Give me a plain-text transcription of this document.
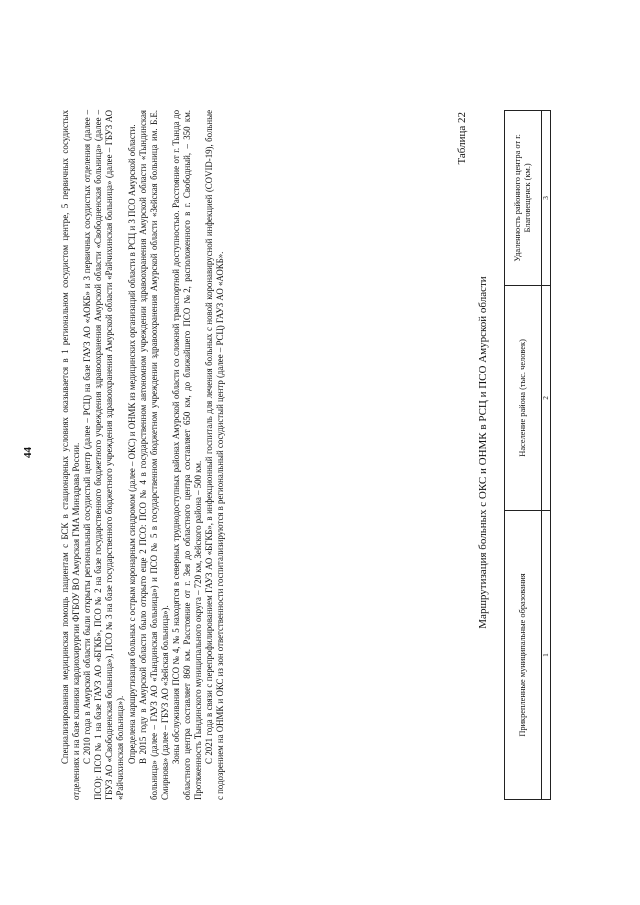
44	Специализированная медицинская помощь пациентам с БСК в стационарных условиях оказывается в 1 региональном сосудистом центре, 5 первичных сосудистых отделениях и на базе клиники кардиохирургии ФГБОУ ВО Амурская ГМА Минздрава России. С 2010 года в Амурской области были открыты региональный сосудистый центр (далее – РСЦ) на базе ГАУЗ АО «АОКБ» и 3 первичных сосудистых отделения (далее – ПСО): ПСО № 1 на базе ГАУЗ АО «БГКБ», ПСО № 2 на базе государственного бюджетного учреждения здравоохранения Амурской области «Свободненская больница» (далее – ГБУЗ АО «Свободненская больница»), ПСО № 3 на базе государственного бюджетного учреждения здравоохранения Амурской области «Райчихинская больница» (далее – ГБУЗ АО «Райчихинская больница»). Определена маршрутизация больных с острым коронарным синдромом (далее – ОКС) и ОНМК из медицинских организаций области в РСЦ и 3 ПСО Амурской области. В 2015 году в Амурской области было открыто еще 2 ПСО: ПСО № 4 в государственном автономном учреждении здравоохранения Амурской области «Тындинская больница» (далее – ГАУЗ АО «Тындинская больница») и ПСО № 5 в государственном бюджетном учреждении здравоохранения Амурской области «Зейская больница им. Б.Е. Смирнова» (далее – ГБУЗ АО «Зейская больница»). Зоны обслуживания ПСО № 4, № 5 находятся в северных труднодоступных районах Амурской области со сложной транспортной доступностью. Расстояние от г. Тында до областного центра составляет 860 км. Расстояние от г. Зея до областного центра составляет 650 км, до ближайшего ПСО №2, расположенного в г. Свободный, – 350 км. Протяженность Тындинского муниципального округа – 720 км, Зейского района – 500 км. С 2021 года в связи с перепрофилированием ГАУЗ АО «БГКБ», в инфекционный госпиталь для лечения больных с новой коронавирусной инфекцией (COVID-19), больные с подозрением на ОНМК и ОКС из зон ответственности госпитализируются в региональный сосудистый центр (далее – РСЦ) ГАУЗ АО «АОКБ».

Таблица 22
Маршрутизация больных с ОКС и ОНМК в РСЦ и ПСО Амурской области
Прикрепленные муниципальные образования	Население района (тыс. человек)	Удаленность районного центра от г. Благовещенск (км.)
1	2	3
